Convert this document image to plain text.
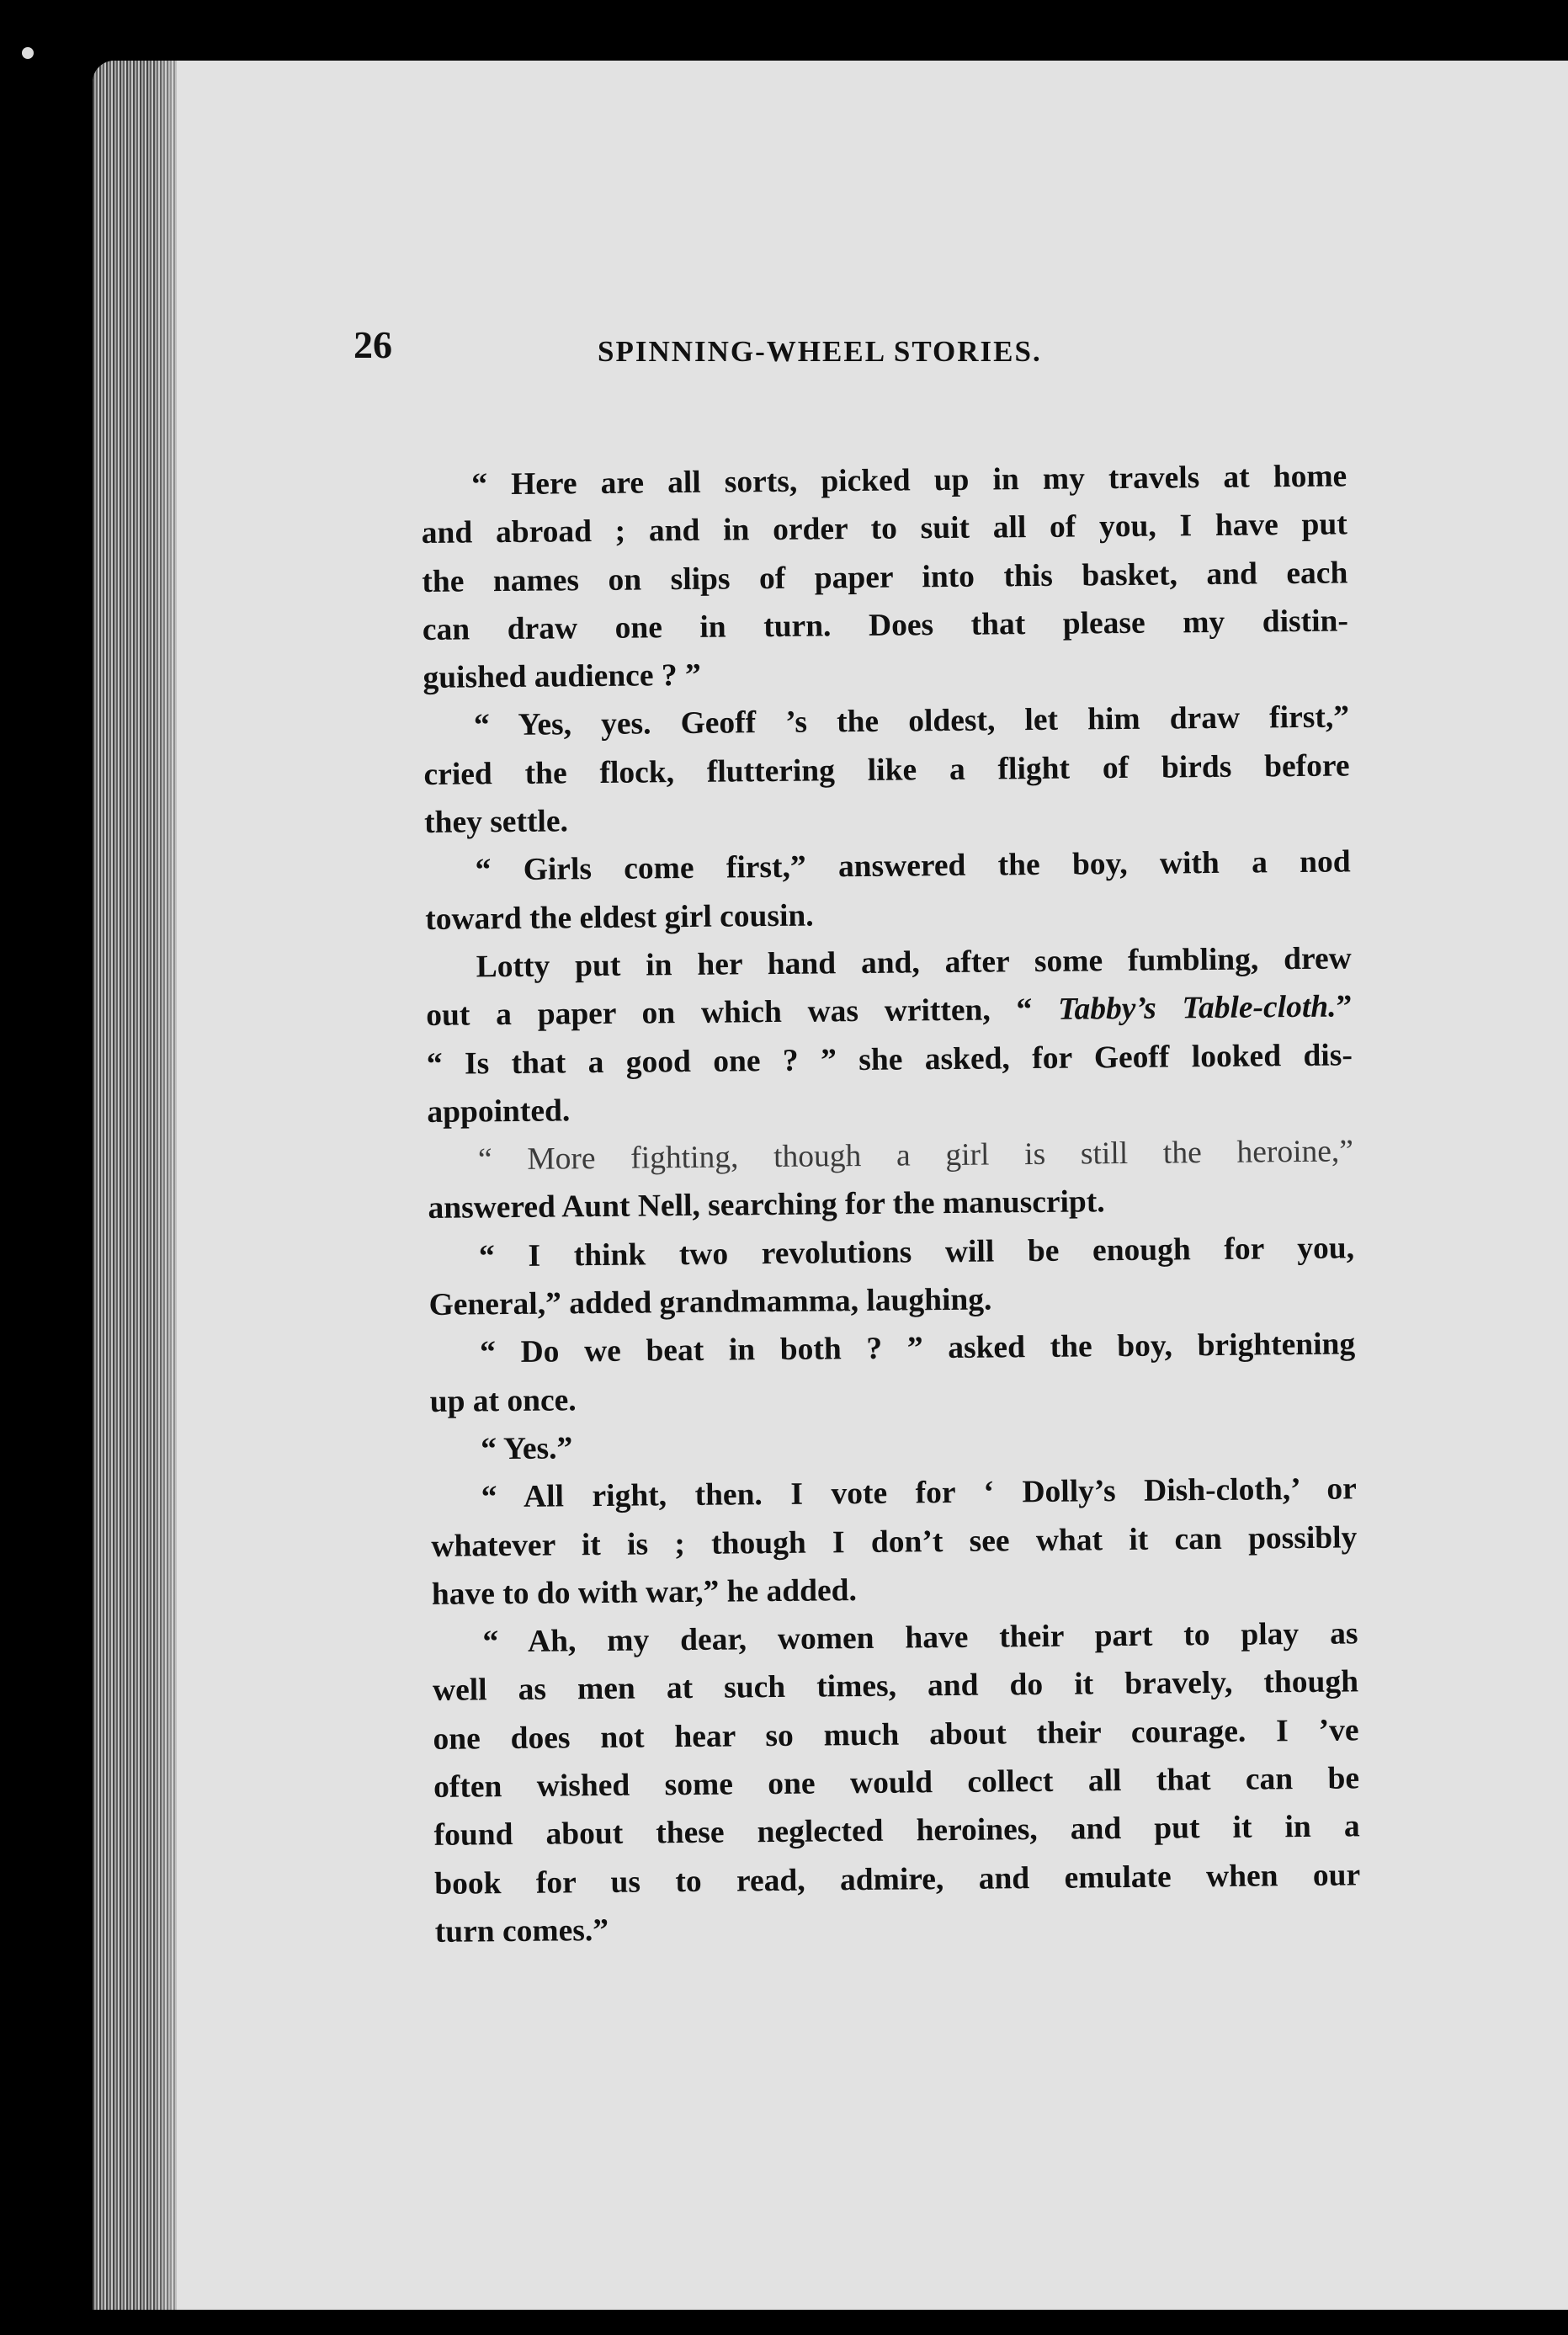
26	SPINNING-WHEEL STORIES.
“ Here are all sorts, picked up in my travels at home
and abroad ; and in order to suit all of you, I have put
the names on slips of paper into this basket, and each
can draw one in turn. Does that please my distin-
guished audience ? ”
“ Yes, yes. Geoff ’s the oldest, let him draw first,”
cried the flock, fluttering like a flight of birds before
they settle.
“ Girls come first,” answered the boy, with a nod
toward the eldest girl cousin.
Lotty put in her hand and, after some fumbling, drew
out a paper on which was written, “ Tabby’s Table-cloth.”
“ Is that a good one ? ” she asked, for Geoff looked dis-
appointed.
“ More fighting, though a girl is still the heroine,”
answered Aunt Nell, searching for the manuscript.
“ I think two revolutions will be enough for you,
General,” added grandmamma, laughing.
“ Do we beat in both ? ” asked the boy, brightening
up at once.
“ Yes.”
“ All right, then. I vote for ‘ Dolly’s Dish-cloth,’ or
whatever it is ; though I don’t see what it can possibly
have to do with war,” he added.
“ Ah, my dear, women have their part to play as
well as men at such times, and do it bravely, though
one does not hear so much about their courage. I ’ve
often wished some one would collect all that can be
found about these neglected heroines, and put it in a
book for us to read, admire, and emulate when our
turn comes.”
